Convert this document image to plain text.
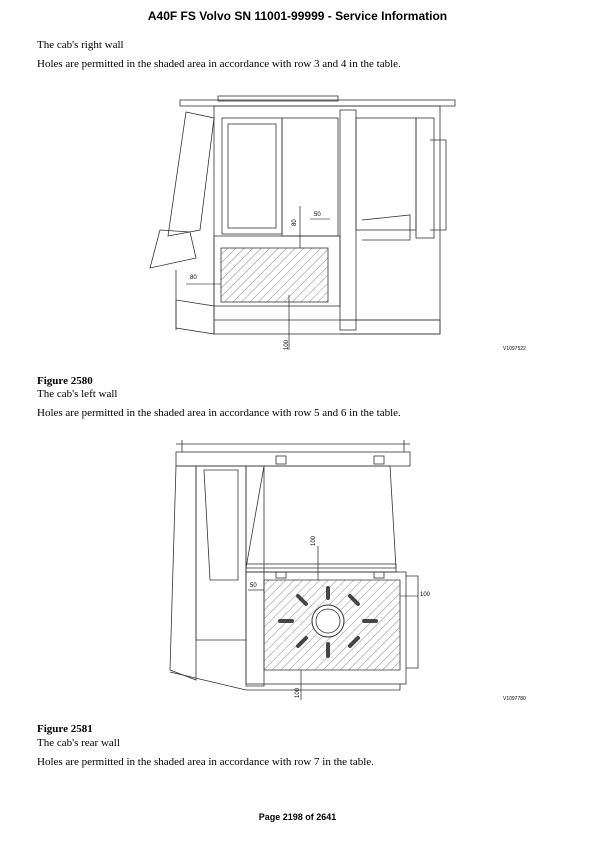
A40F FS Volvo SN 11001-99999 - Service Information
The cab's right wall
Holes are permitted in the shaded area in accordance with row 3 and 4 in the table.
80
50
80
100	V1097522
Figure 2580
The cab's left wall
Holes are permitted in the shaded area in accordance with row 5 and 6 in the table.
100
50
100
100
V1097780
Figure 2581
The cab's rear wall
Holes are permitted in the shaded area in accordance with row 7 in the table.
Page 2198 of 2641
